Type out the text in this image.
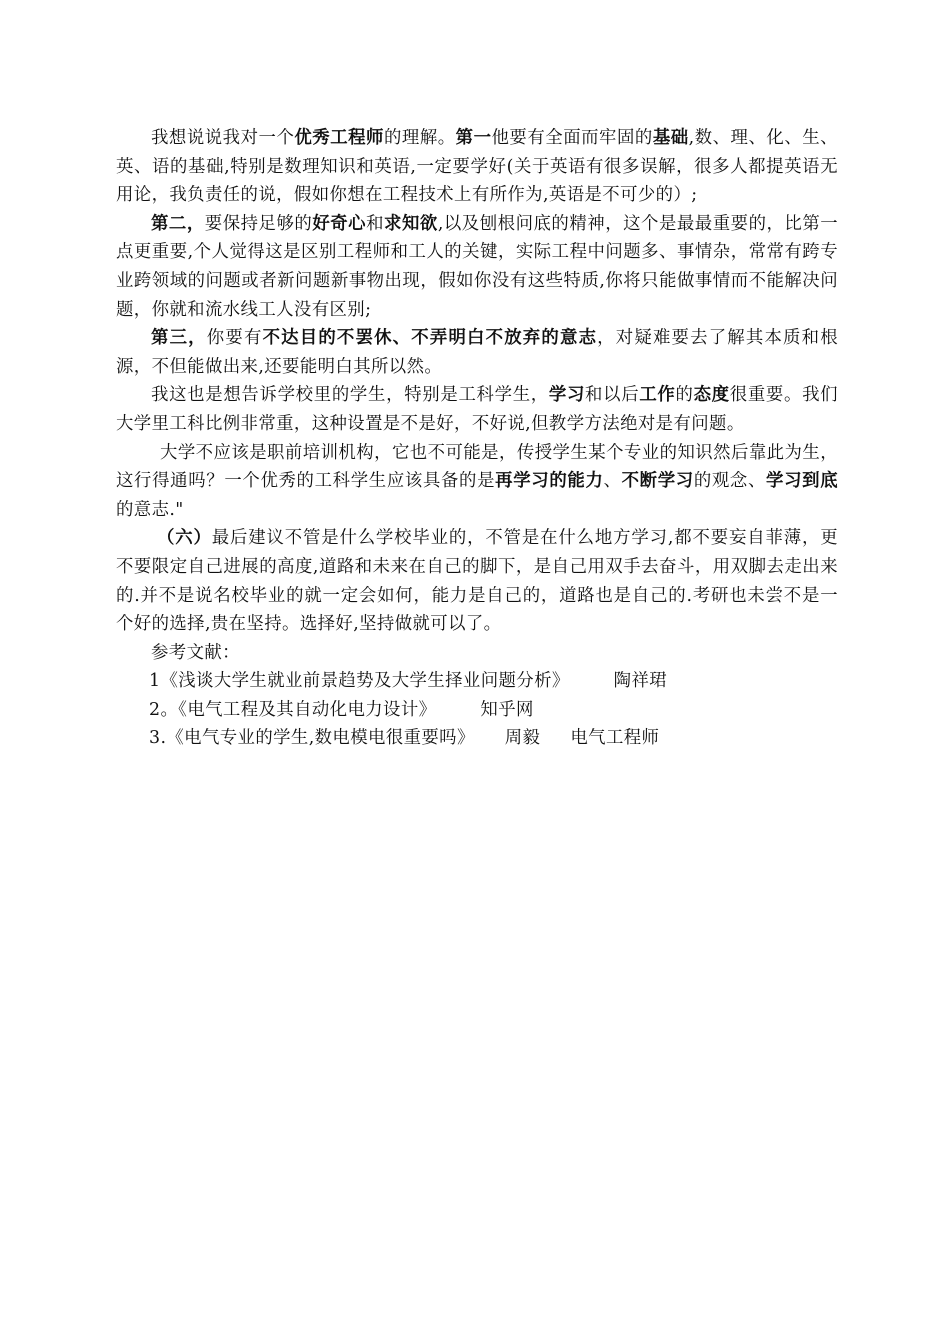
我想说说我对一个优秀工程师的理解。第一他要有全面而牢固的基础,数、理、化、生、英、语的基础,特别是数理知识和英语,一定要学好(关于英语有很多误解，很多人都提英语无用论，我负责任的说，假如你想在工程技术上有所作为,英语是不可少的）;

第二，要保持足够的好奇心和求知欲,以及刨根问底的精神，这个是最最重要的，比第一点更重要,个人觉得这是区别工程师和工人的关键，实际工程中问题多、事情杂，常常有跨专业跨领域的问题或者新问题新事物出现，假如你没有这些特质,你将只能做事情而不能解决问题，你就和流水线工人没有区别;

第三，你要有不达目的不罢休、不弄明白不放弃的意志，对疑难要去了解其本质和根源，不但能做出来,还要能明白其所以然。

我这也是想告诉学校里的学生，特别是工科学生，学习和以后工作的态度很重要。我们大学里工科比例非常重，这种设置是不是好，不好说,但教学方法绝对是有问题。

大学不应该是职前培训机构，它也不可能是，传授学生某个专业的知识然后靠此为生，这行得通吗？一个优秀的工科学生应该具备的是再学习的能力、不断学习的观念、学习到底的意志."

（六）最后建议不管是什么学校毕业的，不管是在什么地方学习,都不要妄自菲薄，更不要限定自己进展的高度,道路和未来在自己的脚下，是自己用双手去奋斗，用双脚去走出来的.并不是说名校毕业的就一定会如何，能力是自己的，道路也是自己的.考研也未尝不是一个好的选择,贵在坚持。选择好,坚持做就可以了。

参考文献：

1《浅谈大学生就业前景趋势及大学生择业问题分析》	陶祥珺

2。《电气工程及其自动化电力设计》	知乎网

3.《电气专业的学生,数电模电很重要吗》 周毅 电气工程师
